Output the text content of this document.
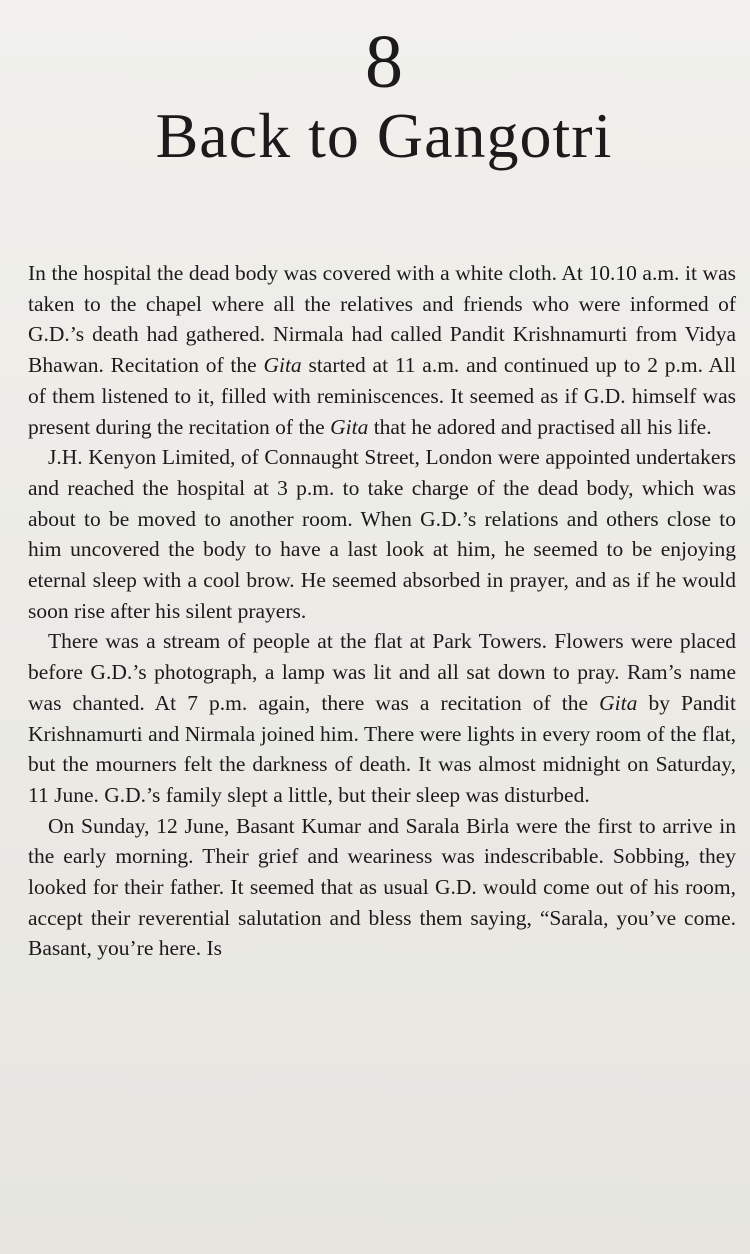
8
Back to Gangotri

In the hospital the dead body was covered with a white cloth. At 10.10 a.m. it was taken to the chapel where all the relatives and friends who were informed of G.D.’s death had gathered. Nirmala had called Pandit Krishnamurti from Vidya Bhawan. Recitation of the Gita started at 11 a.m. and continued up to 2 p.m. All of them listened to it, filled with reminiscences. It seemed as if G.D. himself was present during the recitation of the Gita that he adored and practised all his life.

J.H. Kenyon Limited, of Connaught Street, London were appointed undertakers and reached the hospital at 3 p.m. to take charge of the dead body, which was about to be moved to another room. When G.D.’s relations and others close to him uncovered the body to have a last look at him, he seemed to be enjoying eternal sleep with a cool brow. He seemed absorbed in prayer, and as if he would soon rise after his silent prayers.

There was a stream of people at the flat at Park Towers. Flowers were placed before G.D.’s photograph, a lamp was lit and all sat down to pray. Ram’s name was chanted. At 7 p.m. again, there was a recitation of the Gita by Pandit Krishnamurti and Nirmala joined him. There were lights in every room of the flat, but the mourners felt the darkness of death. It was almost midnight on Saturday, 11 June. G.D.’s family slept a little, but their sleep was disturbed.

On Sunday, 12 June, Basant Kumar and Sarala Birla were the first to arrive in the early morning. Their grief and weariness was indescribable. Sobbing, they looked for their father. It seemed that as usual G.D. would come out of his room, accept their reverential salutation and bless them saying, “Sarala, you’ve come. Basant, you’re here. Is
